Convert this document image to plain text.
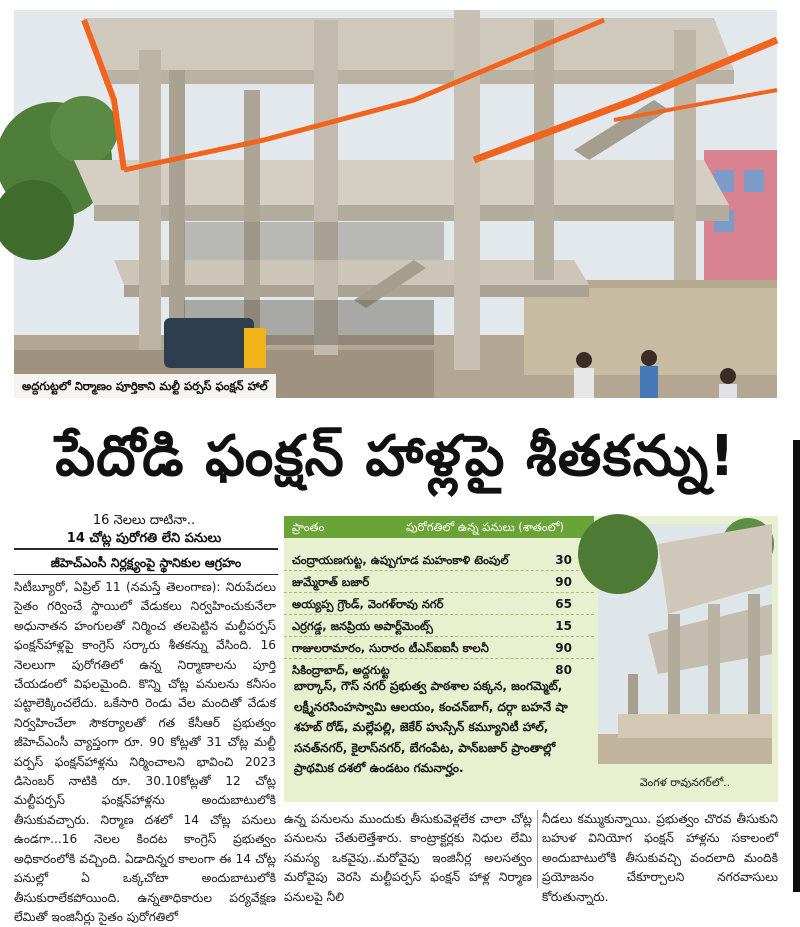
అద్దగుట్టలో నిర్మాణం పూర్తికాని మల్టీ పర్పస్‌ ఫంక్షన్‌ హాల్‌
పేదోడి ఫంక్షన్‌ హాళ్లపై శీతకన్ను!
16 నెలలు దాటినా..
14 చోట్ల పురోగతి లేని పనులు
జీహెచ్‌ఎంసీ నిర్లక్ష్యంపై స్థానికుల ఆగ్రహం
సిటీబ్యూరో, ఏప్రిల్‌ 11 (నమస్తే తెలంగాణ): నిరుపేదలు సైతం గర్వించే స్థాయిలో వేడుకలు నిర్వహించుకునేలా అధునాతన హంగులతో నిర్మించ తలపెట్టిన మల్టీపర్పస్‌ ఫంక్షన్‌హాళ్లపై కాంగ్రెస్‌ సర్కారు శీతకన్ను వేసింది. 16 నెలలుగా పురోగతిలో ఉన్న నిర్మాణాలను పూర్తి చేయడంలో విఫలమైంది. కొన్ని చోట్ల పనులను కనీసం పట్టాలెక్కించలేదు. ఒకేసారి రెండు వేల మందితో వేడుక నిర్వహించేలా సౌకర్యాలతో గత కేసీఆర్‌ ప్రభుత్వం జీహెచ్‌ఎంసీ వ్యాప్తంగా రూ. 90 కోట్లతో 31 చోట్ల మల్టీ పర్పస్‌ ఫంక్షన్‌హాళ్లను నిర్మించాలని భావించి 2023 డిసెంబర్‌ నాటికి రూ. 30.10కోట్లతో 12 చోట్ల మల్టీపర్పస్‌ ఫంక్షన్‌హాళ్లను అందుబాటులోకి తీసుకువచ్చారు. నిర్మాణ దశలో 14 చోట్ల పనులు ఉండగా...16 నెలల కిందట కాంగ్రెస్‌ ప్రభుత్వం అధికారంలోకి వచ్చింది. ఏడాదిన్నర కాలంగా ఈ 14 చోట్ల పనుల్లో ఏ ఒక్కచోటా అందుబాటులోకి తీసుకురాలేకపోయింది. ఉన్నతాధికారుల పర్యవేక్షణ లేమితో ఇంజినీర్లు సైతం పురోగతిలో
ప్రాంతం	పురోగతిలో ఉన్న పనులు (శాతంలో)
చంద్రాయణగుట్ట, ఉప్పుగూడ మహంకాళి టెంపుల్‌	30
జుమ్మేరాత్‌ బజార్‌	90
అయ్యప్ప గ్రౌండ్‌, వెంగళ్‌రావు నగర్‌	65
ఎర్రగడ్డ, జనప్రియ అపార్ట్‌మెంట్స్‌	15
గాజులరామారం, సురారం టీఎస్‌ఐఐసీ కాలనీ	90
సికింద్రాబాద్‌, అద్దగుట్ట	80
బార్కాస్‌, గౌస్‌ నగర్‌ ప్రభుత్వ పాఠశాల పక్కన, జంగమ్మెట్‌, లక్ష్మీనరసింహస్వామి ఆలయం, కంచన్‌బాగ్‌, దర్గా బహనే షా శహబ్‌ రోడ్‌, మల్లేపల్లి, జెకేర్‌ హుస్సేన్‌ కమ్యూనిటీ హాల్‌, సనత్‌నగర్‌, కైలాస్‌నగర్‌, బేగంపేట, పాన్‌బజార్‌ ప్రాంతాల్లో ప్రాథమిక దశలో ఉండటం గమనార్హం.
వెంగళ రావునగర్‌లో..
ఉన్న పనులను ముందుకు తీసుకువెళ్లలేక చాలా చోట్ల పనులను చేతులెత్తేశారు. కాంట్రాక్టర్లకు నిధుల లేమి సమస్య ఒకవైపు..మరోవైపు ఇంజినీర్ల అలసత్వం మరోవైపు వెరసి మల్టీపర్పస్‌ ఫంక్షన్‌ హాళ్ల నిర్మాణ పనులపై నీలి
నీడలు కమ్ముకున్నాయి. ప్రభుత్వం చొరవ తీసుకుని బహుళ వినియోగ ఫంక్షన్‌ హాళ్లను సకాలంలో అందుబాటులోకి తీసుకువచ్చి వందలాది మందికి ప్రయోజనం చేకూర్చాలని నగరవాసులు కోరుతున్నారు.
